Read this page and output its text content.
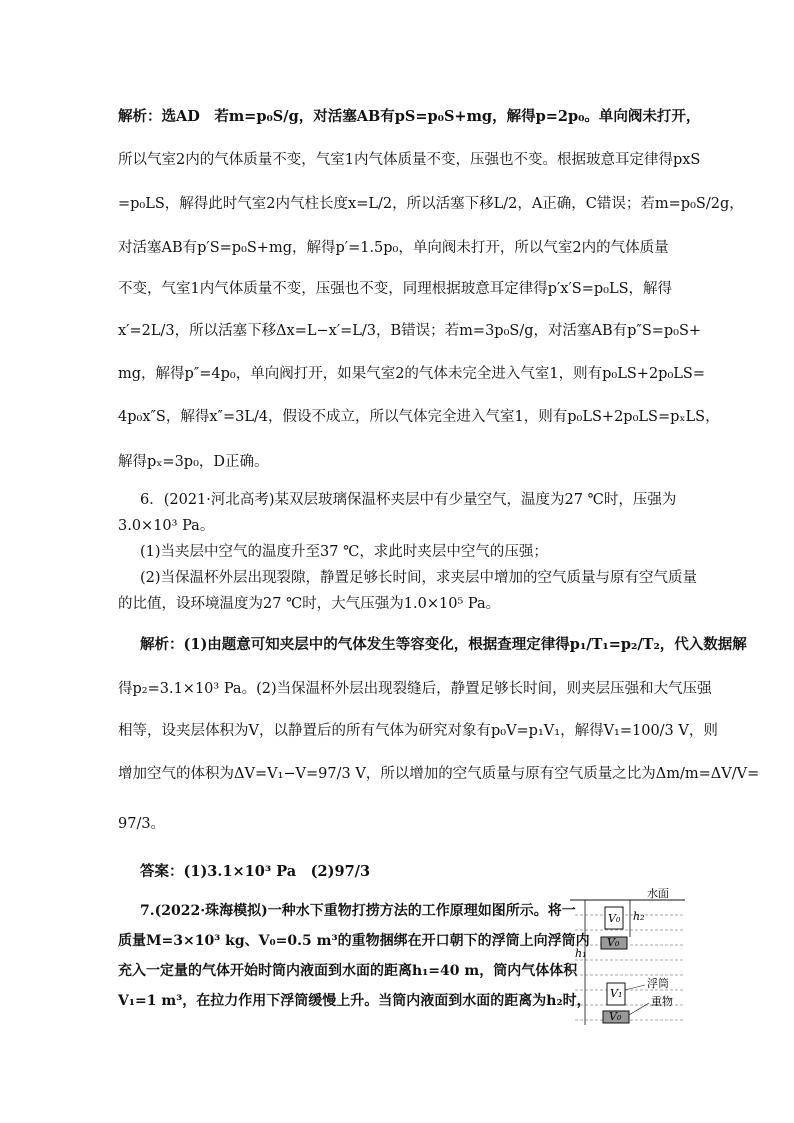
解析：选AD　若m=p₀S/g，对活塞AB有pS=p₀S+mg，解得p=2p₀。单向阀未打开，
所以气室2内的气体质量不变，气室1内气体质量不变，压强也不变。根据玻意耳定律得pxS
=p₀LS，解得此时气室2内气柱长度x=L/2，所以活塞下移L/2，A正确，C错误；若m=p₀S/2g，
对活塞AB有p′S=p₀S+mg，解得p′=1.5p₀，单向阀未打开，所以气室2内的气体质量
不变，气室1内气体质量不变，压强也不变，同理根据玻意耳定律得p′x′S=p₀LS，解得
x′=2L/3，所以活塞下移Δx=L−x′=L/3，B错误；若m=3p₀S/g，对活塞AB有p″S=p₀S+
mg，解得p″=4p₀，单向阀打开，如果气室2的气体未完全进入气室1，则有p₀LS+2p₀LS=
4p₀x″S，解得x″=3L/4，假设不成立，所以气体完全进入气室1，则有p₀LS+2p₀LS=pₓLS，
解得pₓ=3p₀，D正确。
6．(2021·河北高考)某双层玻璃保温杯夹层中有少量空气，温度为27 ℃时，压强为
3.0×10³ Pa。
(1)当夹层中空气的温度升至37 ℃，求此时夹层中空气的压强；
(2)当保温杯外层出现裂隙，静置足够长时间，求夹层中增加的空气质量与原有空气质量
的比值，设环境温度为27 ℃时，大气压强为1.0×10⁵ Pa。
解析：(1)由题意可知夹层中的气体发生等容变化，根据查理定律得p₁/T₁=p₂/T₂，代入数据解
得p₂=3.1×10³ Pa。(2)当保温杯外层出现裂缝后，静置足够长时间，则夹层压强和大气压强
相等，设夹层体积为V，以静置后的所有气体为研究对象有p₀V=p₁V₁，解得V₁=100/3 V，则
增加空气的体积为ΔV=V₁−V=97/3 V，所以增加的空气质量与原有空气质量之比为Δm/m=ΔV/V=
97/3。
答案：(1)3.1×10³ Pa　(2)97/3
7.(2022·珠海模拟)一种水下重物打捞方法的工作原理如图所示。将一
质量M=3×10³ kg、V₀=0.5 m³的重物捆绑在开口朝下的浮筒上向浮筒内
充入一定量的气体开始时筒内液面到水面的距离h₁=40 m，筒内气体体积
V₁=1 m³，在拉力作用下浮筒缓慢上升。当筒内液面到水面的距离为h₂时，
水面
h₁
h₂
V₀
V₀
V₁
V₀
浮筒
重物
